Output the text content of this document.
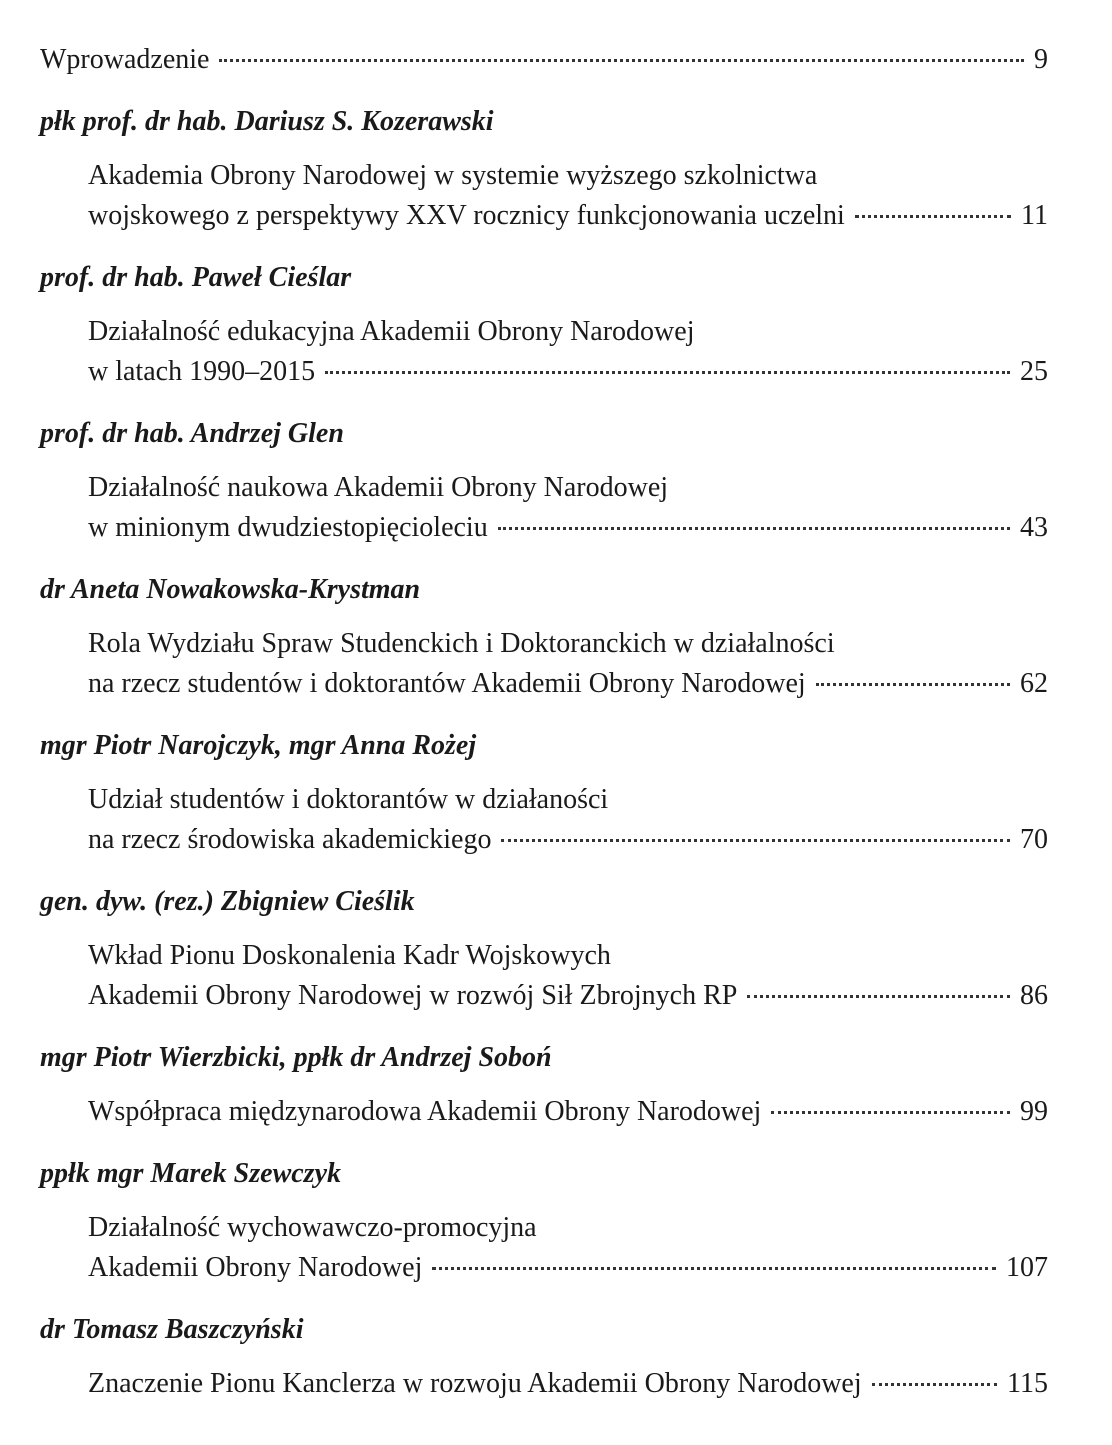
Wprowadzenie	9
płk prof. dr hab. Dariusz S. Kozerawski
Akademia Obrony Narodowej w systemie wyższego szkolnictwa
wojskowego z perspektywy XXV rocznicy funkcjonowania uczelni	11
prof. dr hab. Paweł Cieślar
Działalność edukacyjna Akademii Obrony Narodowej
w latach 1990–2015	25
prof. dr hab. Andrzej Glen
Działalność naukowa Akademii Obrony Narodowej
w minionym dwudziestopięcioleciu	43
dr Aneta Nowakowska-Krystman
Rola Wydziału Spraw Studenckich i Doktoranckich w działalności
na rzecz studentów i doktorantów Akademii Obrony Narodowej	62
mgr Piotr Narojczyk, mgr Anna Rożej
Udział studentów i doktorantów w działaności
na rzecz środowiska akademickiego	70
gen. dyw. (rez.) Zbigniew Cieślik
Wkład Pionu Doskonalenia Kadr Wojskowych
Akademii Obrony Narodowej w rozwój Sił Zbrojnych RP	86
mgr Piotr Wierzbicki, ppłk dr Andrzej Soboń
Współpraca międzynarodowa Akademii Obrony Narodowej	99
ppłk mgr Marek Szewczyk
Działalność wychowawczo-promocyjna
Akademii Obrony Narodowej	107
dr Tomasz Baszczyński
Znaczenie Pionu Kanclerza w rozwoju Akademii Obrony Narodowej	115
